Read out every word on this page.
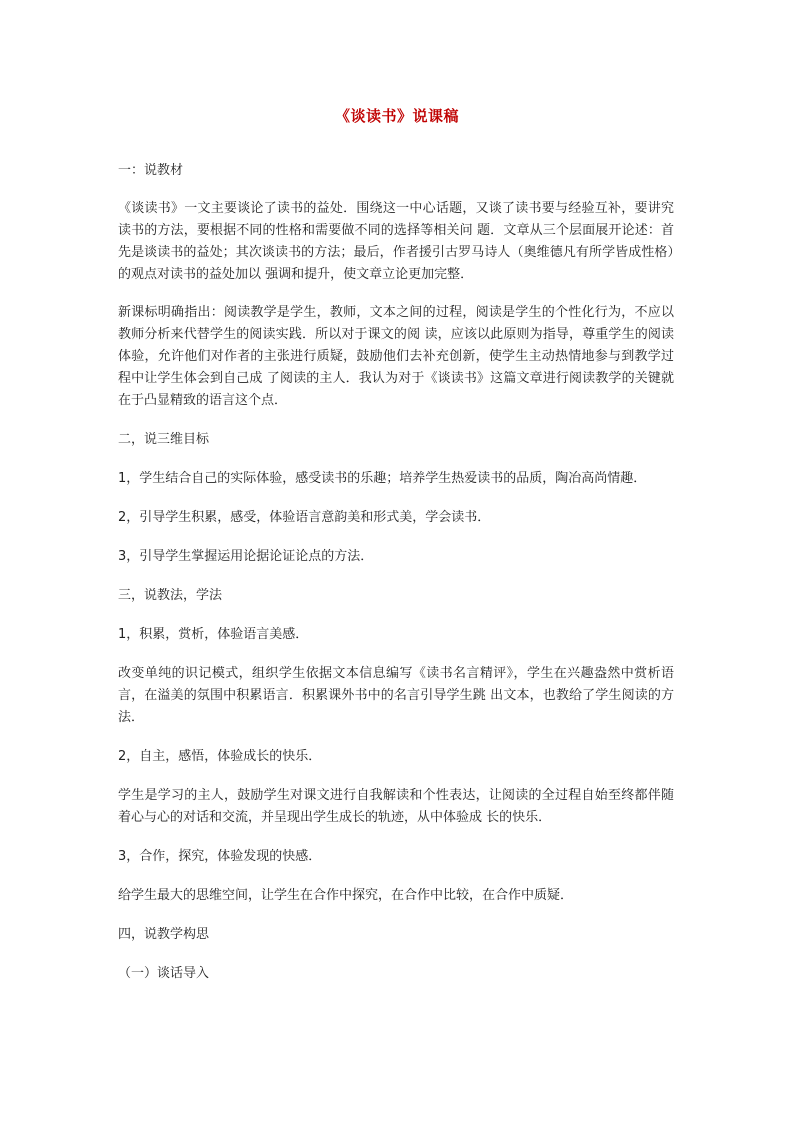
《谈读书》说课稿

一：说教材

《谈读书》一文主要谈论了读书的益处．围绕这一中心话题，又谈了读书要与经验互补，要讲究读书的方法，要根据不同的性格和需要做不同的选择等相关问 题．文章从三个层面展开论述：首先是谈读书的益处；其次谈读书的方法；最后，作者援引古罗马诗人（奥维德凡有所学皆成性格）的观点对读书的益处加以 强调和提升，使文章立论更加完整．

新课标明确指出：阅读教学是学生，教师，文本之间的过程，阅读是学生的个性化行为，不应以教师分析来代替学生的阅读实践．所以对于课文的阅 读，应该以此原则为指导，尊重学生的阅读体验，允许他们对作者的主张进行质疑，鼓励他们去补充创新，使学生主动热情地参与到教学过程中让学生体会到自己成 了阅读的主人．我认为对于《谈读书》这篇文章进行阅读教学的关键就在于凸显精致的语言这个点．

二，说三维目标

1，学生结合自己的实际体验，感受读书的乐趣；培养学生热爱读书的品质，陶冶高尚情趣．

2，引导学生积累，感受，体验语言意韵美和形式美，学会读书．

3，引导学生掌握运用论据论证论点的方法．

三，说教法，学法

1，积累，赏析，体验语言美感．

改变单纯的识记模式，组织学生依据文本信息编写《读书名言精评》，学生在兴趣盎然中赏析语言，在溢美的氛围中积累语言．积累课外书中的名言引导学生跳 出文本，也教给了学生阅读的方法．

2，自主，感悟，体验成长的快乐．

学生是学习的主人，鼓励学生对课文进行自我解读和个性表达，让阅读的全过程自始至终都伴随着心与心的对话和交流，并呈现出学生成长的轨迹，从中体验成 长的快乐．

3，合作，探究，体验发现的快感．

给学生最大的思维空间，让学生在合作中探究，在合作中比较，在合作中质疑．

四，说教学构思

（一）谈话导入
